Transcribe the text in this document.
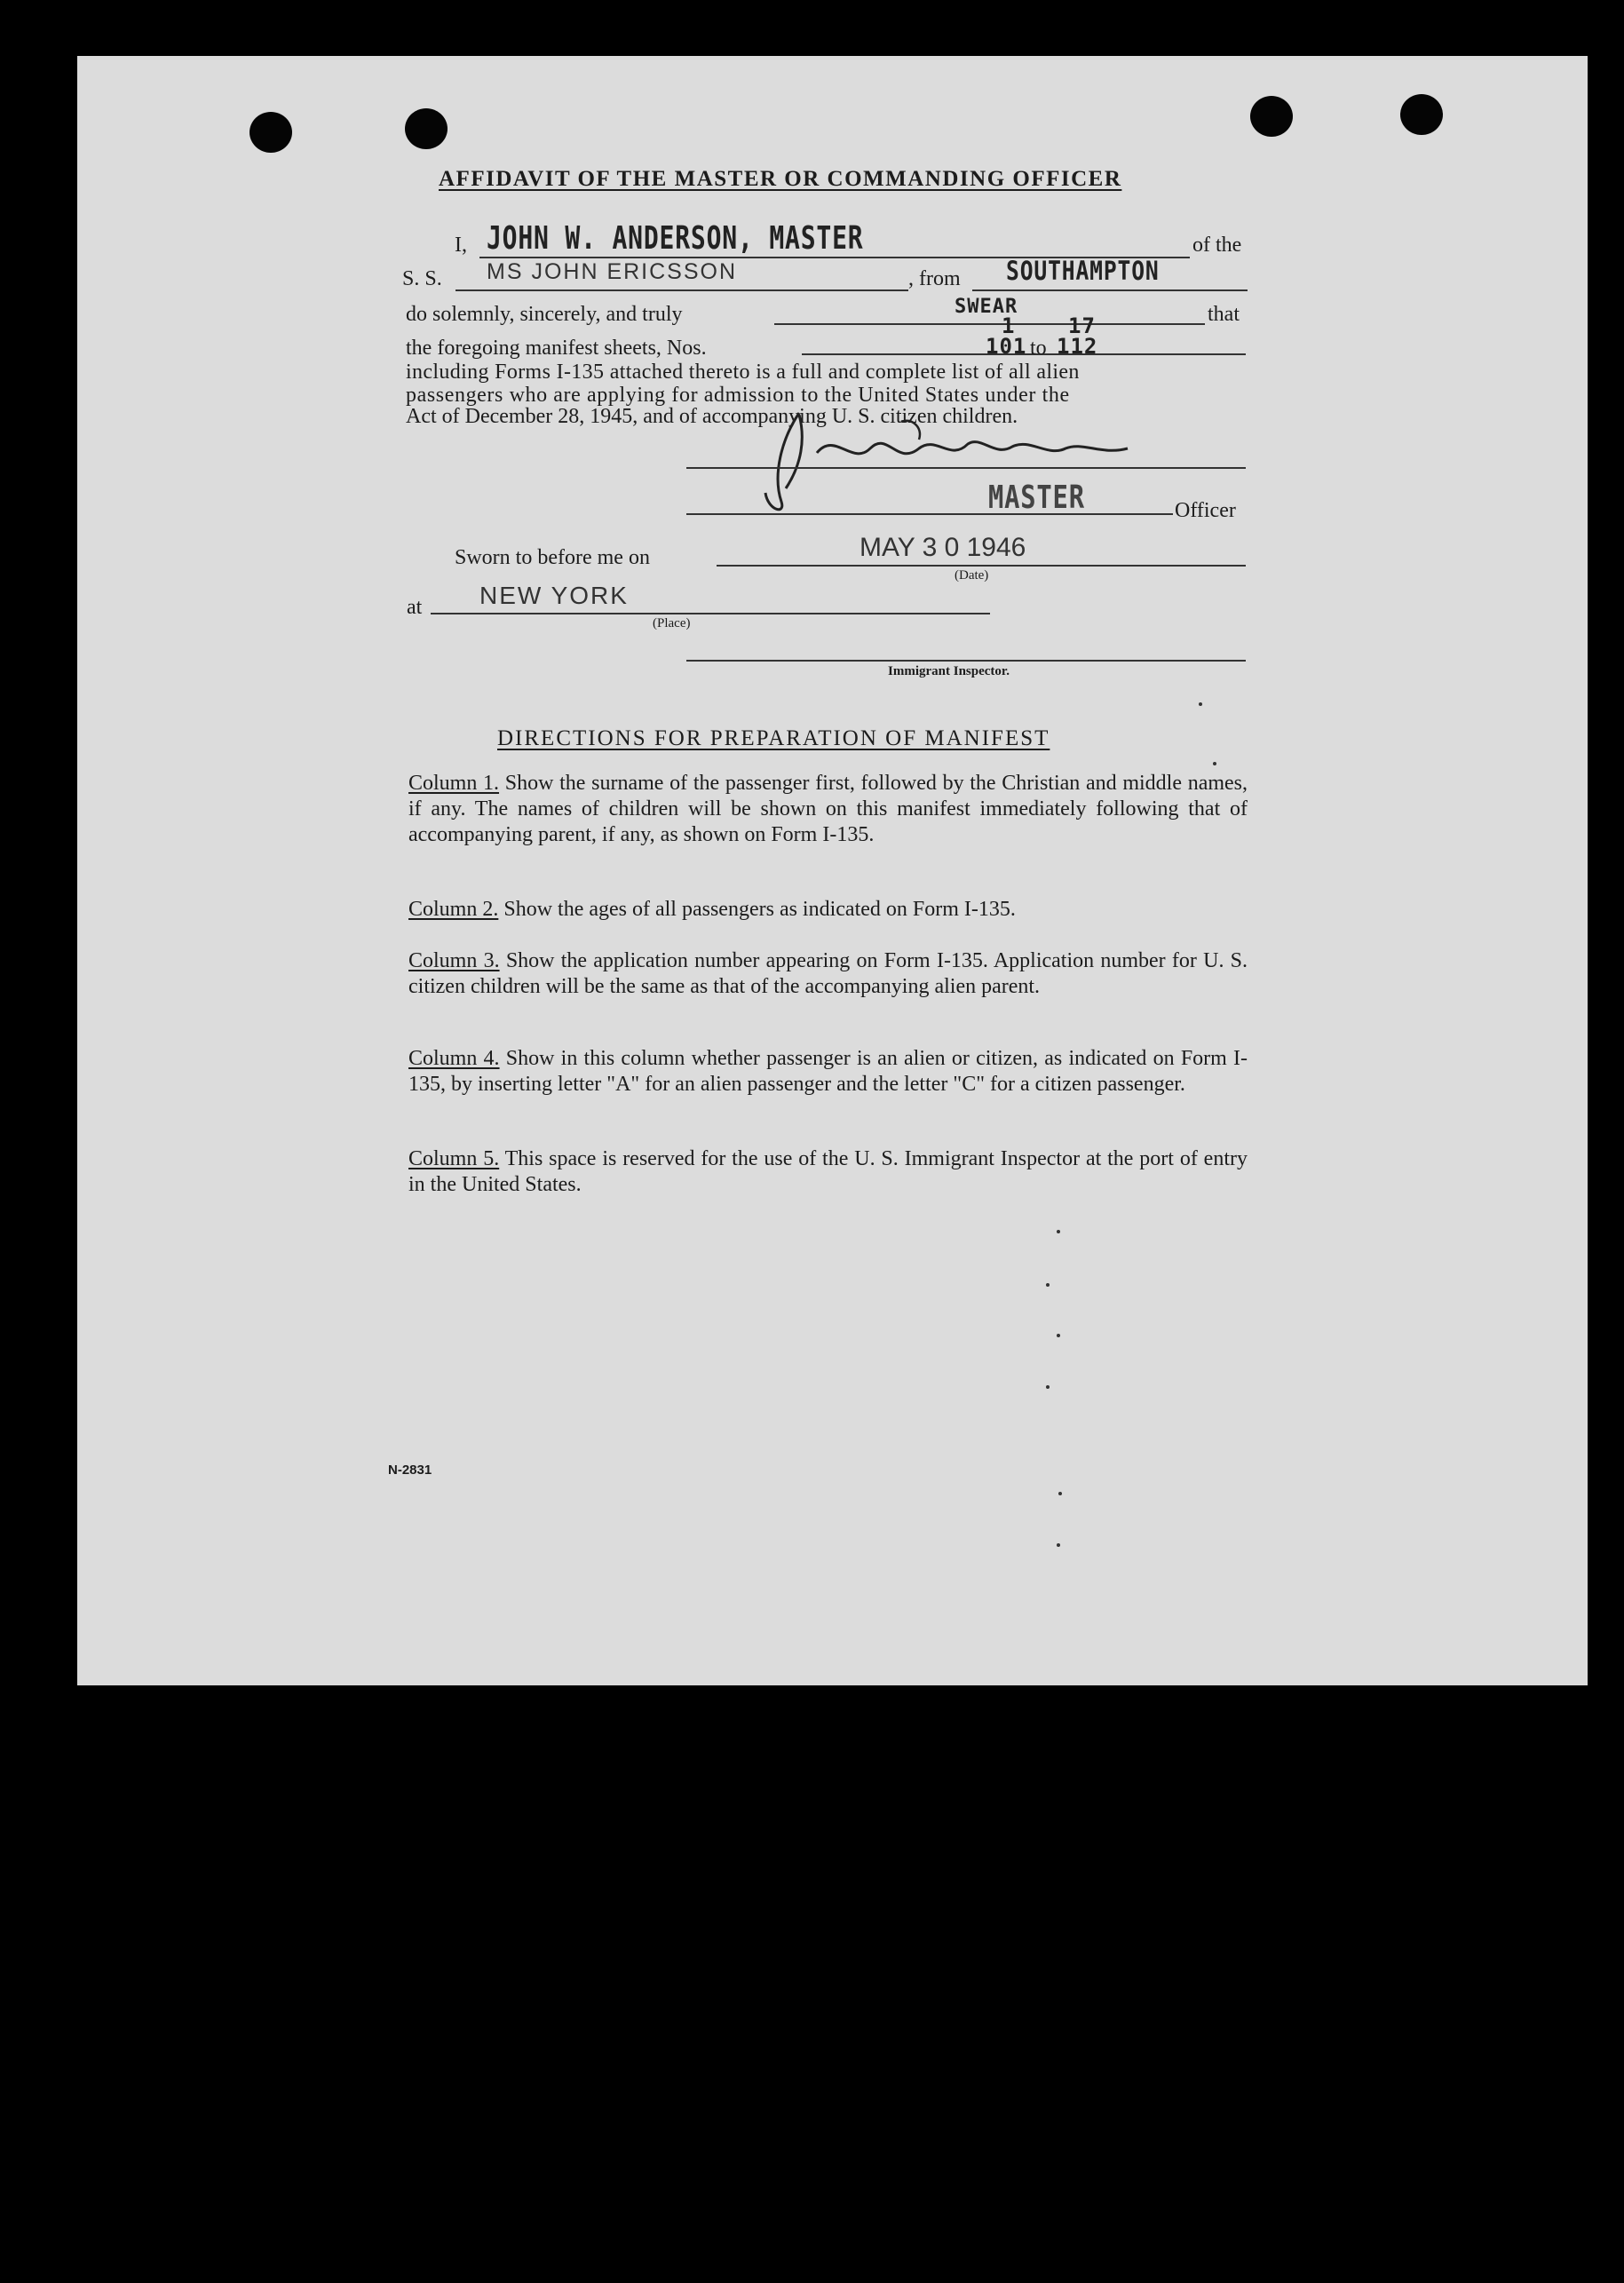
AFFIDAVIT OF THE MASTER OR COMMANDING OFFICER
I, JOHN W. ANDERSON, MASTER	of the
S. S. MS JOHN ERICSSON	, from SOUTHAMPTON
do solemnly, sincerely, and truly	SWEAR	that
the foregoing manifest sheets, Nos.
1 17
101 to 112
including Forms I-135 attached thereto is a full and complete list of all alien
passengers who are applying for admission to the United States under the
Act of December 28, 1945, and of accompanying U. S. citizen children.
MASTER	Officer
Sworn to before me on	MAY 3 0 1946
(Date)
at NEW YORK
(Place)
Immigrant Inspector.
DIRECTIONS FOR PREPARATION OF MANIFEST
Column 1. Show the surname of the passenger first, followed by the Christian and middle names, if any. The names of children will be shown on this manifest immediately following that of accompanying parent, if any, as shown on Form I-135.
Column 2. Show the ages of all passengers as indicated on Form I-135.
Column 3. Show the application number appearing on Form I-135. Application number for U. S. citizen children will be the same as that of the accompanying alien parent.
Column 4. Show in this column whether passenger is an alien or citizen, as indicated on Form I-135, by inserting letter "A" for an alien passenger and the letter "C" for a citizen passenger.
Column 5. This space is reserved for the use of the U. S. Immigrant Inspector at the port of entry in the United States.
N-2831
